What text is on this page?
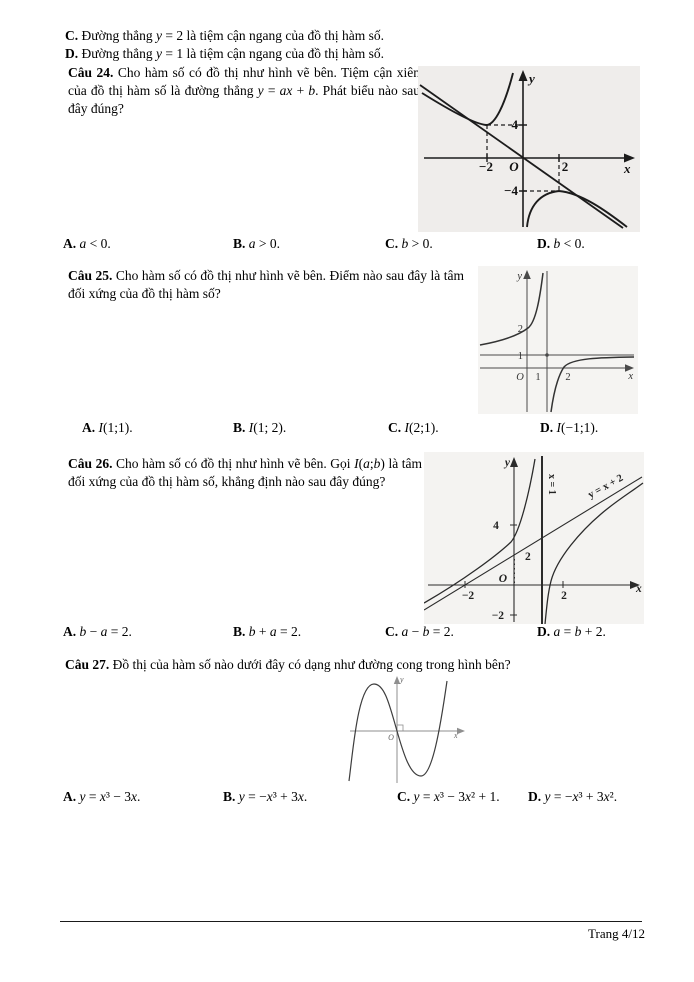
C. Đường thẳng y = 2 là tiệm cận ngang của đồ thị hàm số.
D. Đường thẳng y = 1 là tiệm cận ngang của đồ thị hàm số.
Câu 24. Cho hàm số có đồ thị như hình vẽ bên. Tiệm cận xiên của đồ thị hàm số là đường thẳng y = ax + b. Phát biểu nào sau đây đúng?
y
x
O
4
−4
−2	2
A. a < 0.	B. a > 0.	C. b > 0.	D. b < 0.
Câu 25. Cho hàm số có đồ thị như hình vẽ bên. Điểm nào sau đây là tâm đối xứng của đồ thị hàm số?
y
x
O
2
1
1 2
A. I(1;1).	B. I(1; 2).	C. I(2;1).	D. I(−1;1).
Câu 26. Cho hàm số có đồ thị như hình vẽ bên. Gọi I(a;b) là tâm đối xứng của đồ thị hàm số, khẳng định nào sau đây đúng?
y
x
O
4
2
−2	2
−2
x = 1	y = x + 2
A. b − a = 2.	B. b + a = 2.	C. a − b = 2.	D. a = b + 2.
Câu 27. Đồ thị của hàm số nào dưới đây có dạng như đường cong trong hình bên?
O	x
y
A. y = x³ − 3x.	B. y = −x³ + 3x.	C. y = x³ − 3x² + 1. D. y = −x³ + 3x².
Trang 4/12
